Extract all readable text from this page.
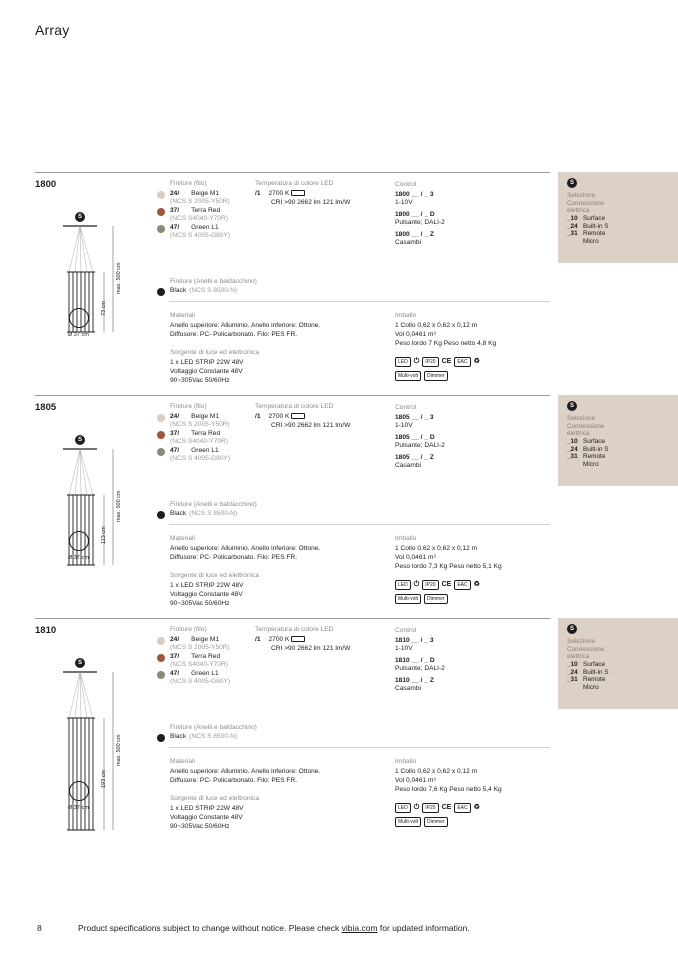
Array
1800
S
73 cm
max. 500 cm
Ø 37 cm
Finiture (filo)
24/ Beige M1
(NCS S 2005-Y50R)
37/ Terra Red
(NCS S4040-Y70R)
47/ Green L1
(NCS S 4005-G80Y)
Temperatura di colore LED
/1 2700 K
CRI >90 2662 lm 121 lm/W
Control
1800 __ / _ 3
1-10V
1800 __ / _ D
Pulsante; DALI-2
1800 __ / _ Z
Casambi
Finiture (Anelli e baldacchino)
Black (NCS S 8500-N)
Materiali
Anello superiore: Alluminio. Anello inferiore: Ottone.
Diffusore: PC- Policarbonato. Filo: PES FR.
Sorgente di luce ed elettronica
1 x LED STRIP 22W 48V
Voltaggio Constante 48V
90~305Vac 50/60Hz
Imballo
1 Collo 0,62 x 0,62 x 0,12 m
Vol 0,0461 m³
Peso lordo 7 Kg Peso netto 4,8 Kg
LED ⏻	IP20 CE	EAC ♻
Multi-volt	Dimmer
1805
S
113 cm
max. 500 cm
Ø 37 cm
Finiture (filo)
24/ Beige M1
(NCS S 2005-Y50R)
37/ Terra Red
(NCS S4040-Y70R)
47/ Green L1
(NCS S 4005-G80Y)
Temperatura di colore LED
/1 2700 K
CRI >90 2662 lm 121 lm/W
Control
1805 __ / _ 3
1-10V
1805 __ / _ D
Pulsante; DALI-2
1805 __ / _ Z
Casambi
Finiture (Anelli e baldacchino)
Black (NCS S 8500-N)
Materiali
Anello superiore: Alluminio. Anello inferiore: Ottone.
Diffusore: PC- Policarbonato. Filo: PES FR.
Sorgente di luce ed elettronica
1 x LED STRIP 22W 48V
Voltaggio Constante 48V
90~305Vac 50/60Hz
Imballo
1 Collo 0,62 x 0,62 x 0,12 m
Vol 0,0461 m³
Peso lordo 7,3 Kg Peso netto 5,1 Kg
LED ⏻	IP20 CE	EAC ♻
Multi-volt	Dimmer
1810
S
193 cm
max. 500 cm
Ø 37 cm
Finiture (filo)
24/ Beige M1
(NCS S 2005-Y50R)
37/ Terra Red
(NCS S4040-Y70R)
47/ Green L1
(NCS S 4005-G80Y)
Temperatura di colore LED
/1 2700 K
CRI >90 2662 lm 121 lm/W
Control
1810 __ / _ 3
1-10V
1810 __ / _ D
Pulsante; DALI-2
1810 __ / _ Z
Casambi
Finiture (Anelli e baldacchino)
Black (NCS S 8500-N)
Materiali
Anello superiore: Alluminio. Anello inferiore: Ottone.
Diffusore: PC- Policarbonato. Filo: PES FR.
Sorgente di luce ed elettronica
1 x LED STRIP 22W 48V
Voltaggio Constante 48V
90~305Vac 50/60Hz
Imballo
1 Collo 0,62 x 0,62 x 0,12 m
Vol 0,0461 m³
Peso lordo 7,6 Kg Peso netto 5,4 Kg
LED ⏻	IP20 CE	EAC ♻
Multi-volt	Dimmer
8	Product specifications subject to change without notice. Please check vibia.com for updated information.
S
Selezione
Connessione
elettrica
_10 Surface
_24 Built-in S
_31 Remote
Micro
S
Selezione
Connessione
elettrica
_10 Surface
_24 Built-in S
_31 Remote
Micro
S
Selezione
Connessione
elettrica
_10 Surface
_24 Built-in S
_31 Remote
Micro
